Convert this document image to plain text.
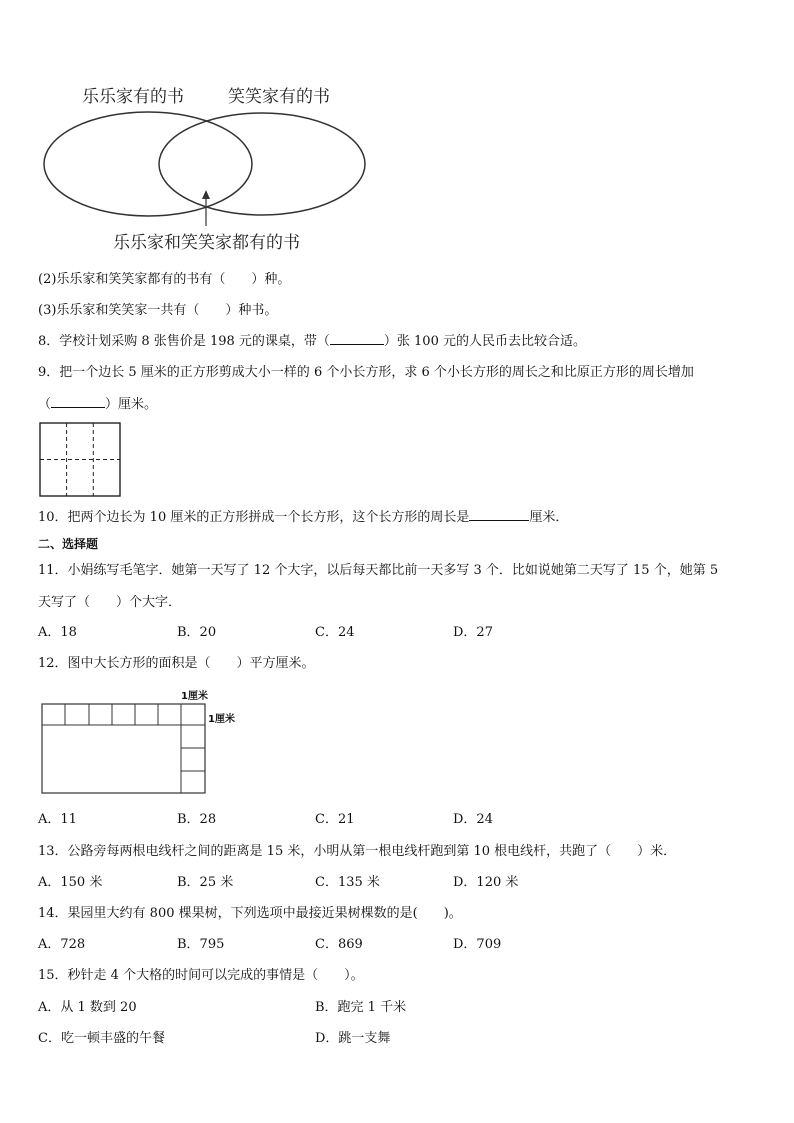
乐乐家有的书	笑笑家有的书
乐乐家和笑笑家都有的书
(2)乐乐家和笑笑家都有的书有（　　）种。
(3)乐乐家和笑笑家一共有（　　）种书。
8．学校计划采购 8 张售价是 198 元的课桌，带（	）张 100 元的人民币去比较合适。
9．把一个边长 5 厘米的正方形剪成大小一样的 6 个小长方形，求 6 个小长方形的周长之和比原正方形的周长增加
（	）厘米。
10．把两个边长为 10 厘米的正方形拼成一个长方形，这个长方形的周长是	厘米．
二、选择题
11．小娟练写毛笔字．她第一天写了 12 个大字，以后每天都比前一天多写 3 个．比如说她第二天写了 15 个，她第 5
天写了（　　）个大字．
A．18	B．20	C．24	D．27
12．图中大长方形的面积是（　　）平方厘米。
1厘米
1厘米
A．11	B．28	C．21	D．24
13．公路旁每两根电线杆之间的距离是 15 米，小明从第一根电线杆跑到第 10 根电线杆，共跑了（　　）米．
A．150 米	B．25 米	C．135 米	D．120 米
14．果园里大约有 800 棵果树，下列选项中最接近果树棵数的是(　　)。
A．728	B．795	C．869	D．709
15．秒针走 4 个大格的时间可以完成的事情是（　　）。
A．从 1 数到 20	B．跑完 1 千米
C．吃一顿丰盛的午餐	D．跳一支舞
